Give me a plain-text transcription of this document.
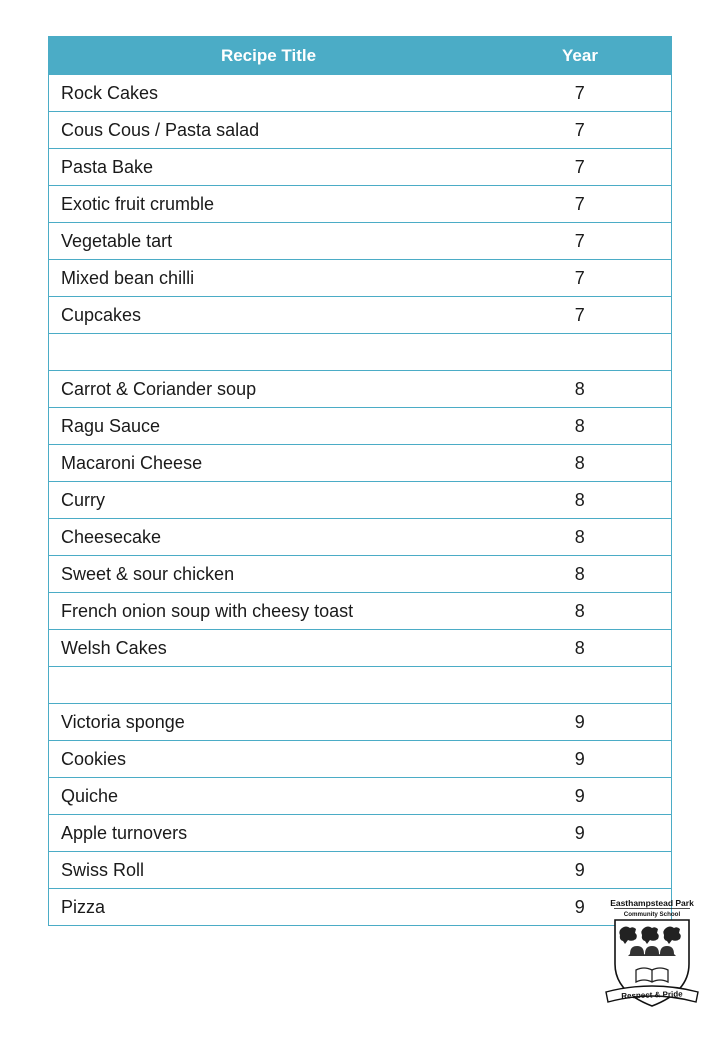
Recipe Title	Year
Rock Cakes	7
Cous Cous / Pasta salad	7
Pasta Bake	7
Exotic fruit crumble	7
Vegetable tart	7
Mixed bean chilli	7
Cupcakes	7

Carrot & Coriander soup	8
Ragu Sauce	8
Macaroni Cheese	8
Curry	8
Cheesecake	8
Sweet & sour chicken	8
French onion soup with cheesy toast	8
Welsh Cakes	8

Victoria sponge	9
Cookies	9
Quiche	9
Apple turnovers	9
Swiss Roll	9
Pizza	9	Easthampstead Park
Community School
Respect & Pride
